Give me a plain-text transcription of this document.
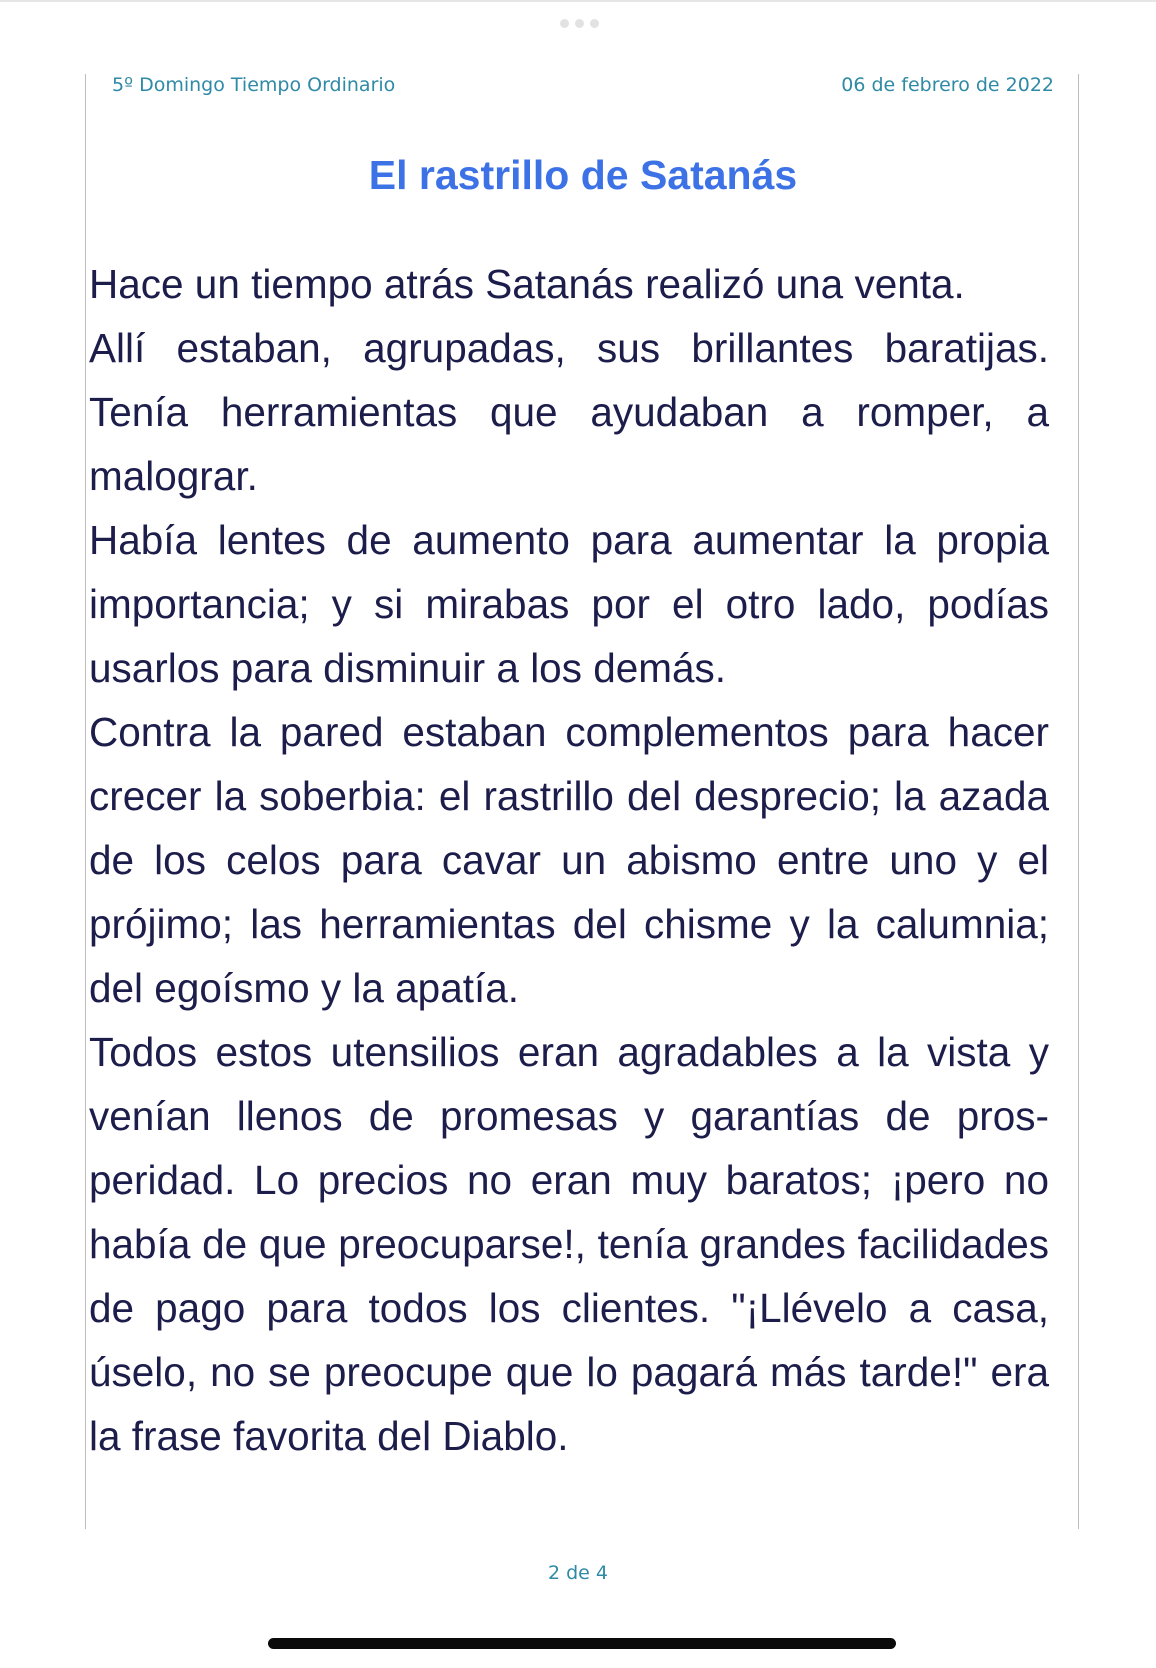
5º Domingo Tiempo Ordinario	06 de febrero de 2022
El rastrillo de Satanás

Hace un tiempo atrás Satanás realizó una venta.

Allí estaban, agrupadas, sus brillantes baratijas. Tenía herramientas que ayudaban a romper, a malograr.

Había lentes de aumento para aumentar la propia importancia; y si mirabas por el otro lado, podías usarlos para disminuir a los demás.

Contra la pared estaban complementos para hacer crecer la soberbia: el rastrillo del desprecio; la azada de los celos para cavar un abismo entre uno y el prójimo; las herramientas del chisme y la calumnia; del egoísmo y la apatía.

Todos estos utensilios eran agradables a la vista y venían llenos de promesas y garantías de prosperidad. Lo precios no eran muy baratos; ¡pero no había de que preocuparse!, tenía grandes facilidades de pago para todos los clientes. "¡Llévelo a casa, úselo, no se preocupe que lo pagará más tarde!" era la frase favorita del Diablo.

2 de 4
